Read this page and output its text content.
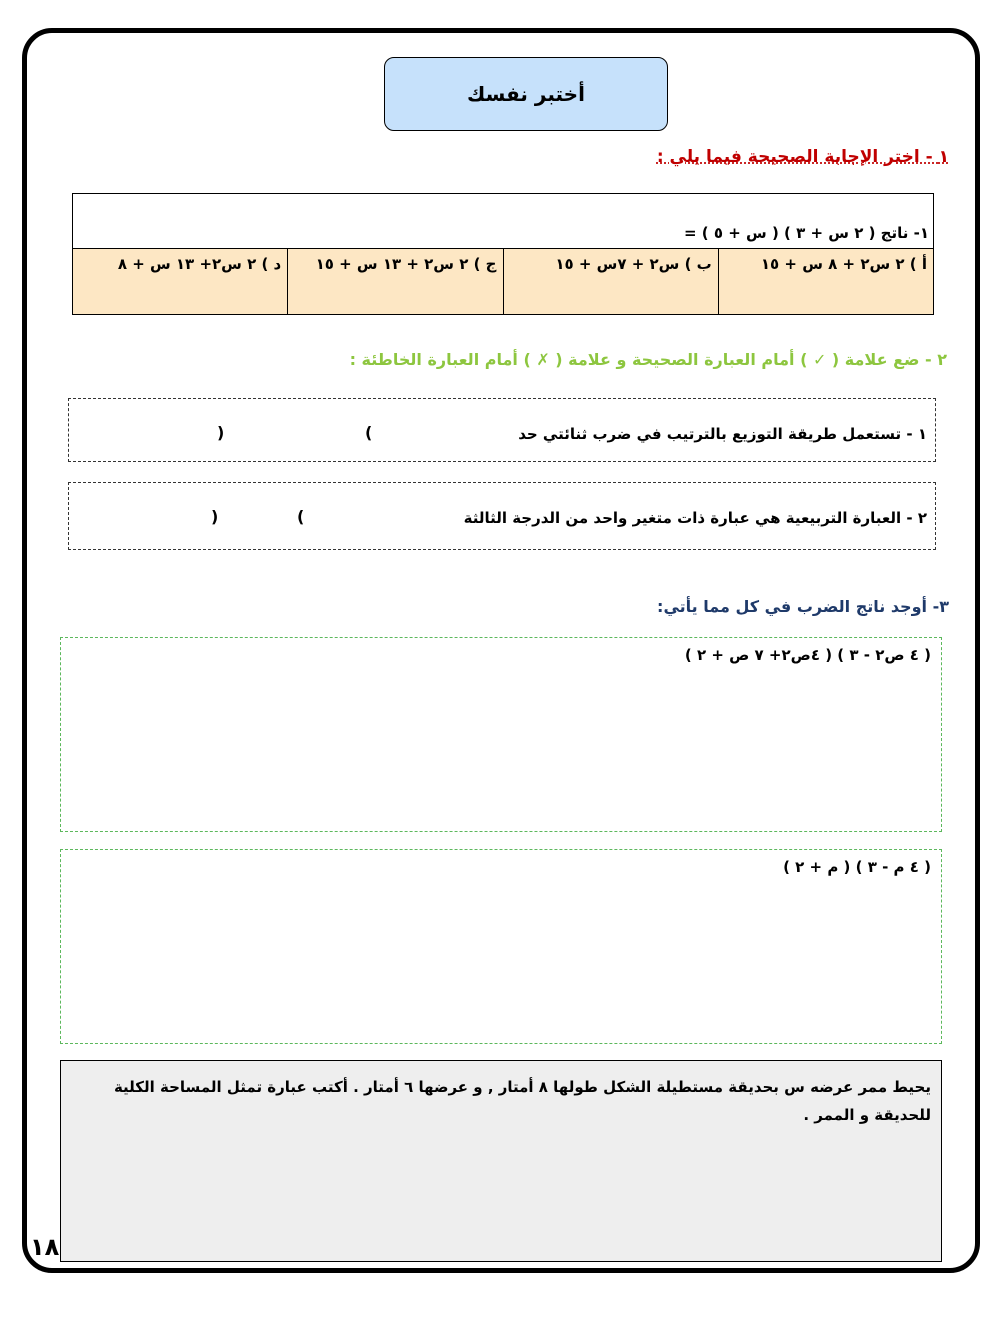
أختبر نفسك
١ - اختر الإجابة الصحيحة فيما يلي :
١- ناتج ( ٢ س + ٣ ) ( س + ٥ ) =
أ ) ٢ س٢ + ٨ س + ١٥
ب ) س٢ + ٧س + ١٥
ج ) ٢ س٢ + ١٣ س + ١٥
د ) ٢ س٢+ ١٣ س + ٨
٢ - ضع علامة ( ✓ ) أمام العبارة الصحيحة و علامة ( ✗ ) أمام العبارة الخاطئة :
١ - تستعمل طريقة التوزيع بالترتيب في ضرب ثنائتي حد
(
)
٢ - العبارة التربيعية هي عبارة ذات متغير واحد من الدرجة الثالثة
(
)
٣- أوجد ناتج الضرب في كل مما يأتي:
( ٤ ص٢ - ٣ ) ( ٤ص٢+ ٧ ص + ٢ )
( ٤ م - ٣ ) ( م + ٢ )
يحيط ممر عرضه س بحديقة مستطيلة الشكل طولها ٨ أمتار , و عرضها ٦ أمتار . أكتب عبارة تمثل المساحة الكلية للحديقة و الممر .
١٨
